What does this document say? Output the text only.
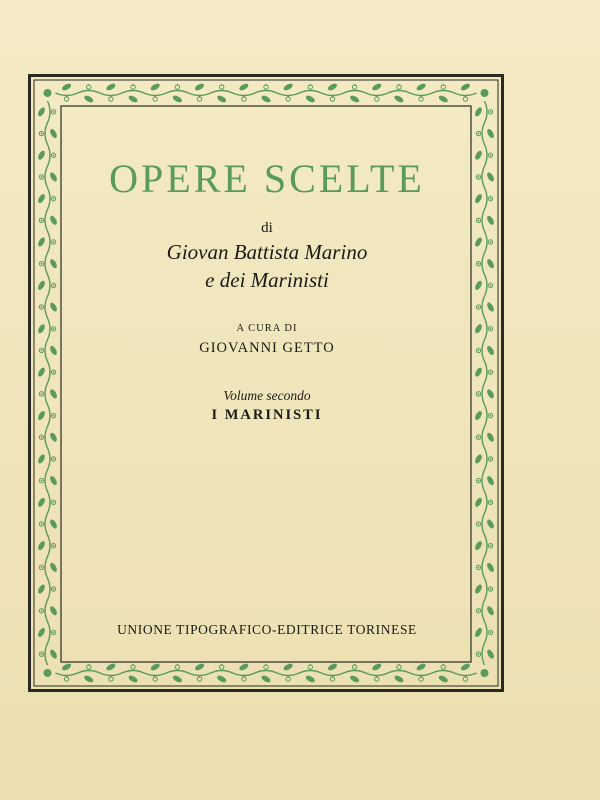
OPERE SCELTE
di
Giovan Battista Marino
e dei Marinisti
A CURA DI
GIOVANNI GETTO
Volume secondo
I MARINISTI
UNIONE TIPOGRAFICO-EDITRICE TORINESE
